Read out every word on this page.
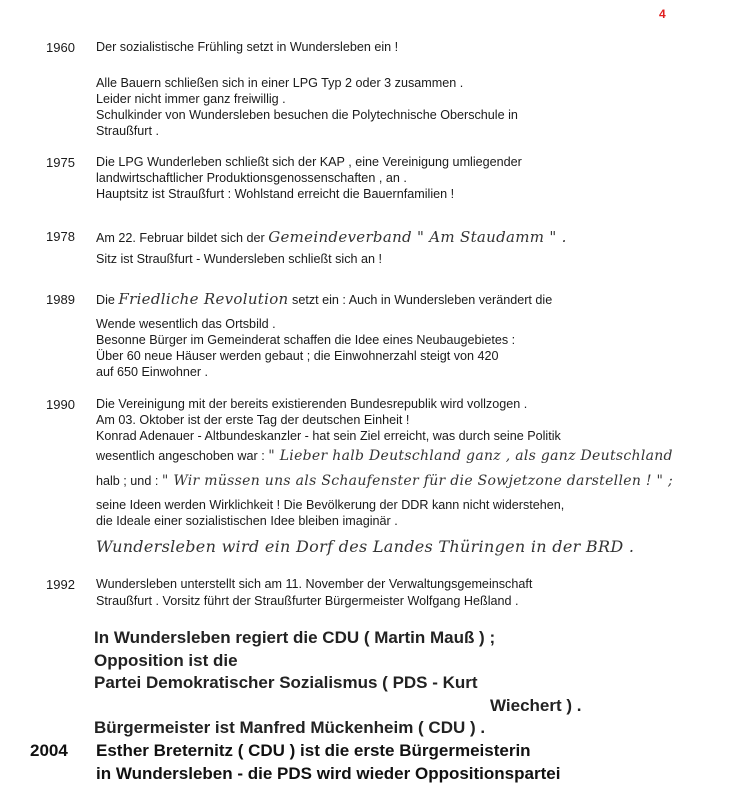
4
1960 Der sozialistische Frühling setzt in Wundersleben ein !
Alle Bauern schließen sich in einer LPG Typ 2 oder 3 zusammen .
Leider nicht immer ganz freiwillig .
Schulkinder von Wundersleben besuchen die Polytechnische Oberschule in
Straußfurt .
1975 Die LPG Wunderleben schließt sich der KAP , eine Vereinigung umliegender
landwirtschaftlicher Produktionsgenossenschaften , an .
Hauptsitz ist Straußfurt : Wohlstand erreicht die Bauernfamilien !
1978 Am 22. Februar bildet sich der Gemeindeverband " Am Staudamm " .
Sitz ist Straußfurt - Wundersleben schließt sich an !
1989 Die Friedliche Revolution setzt ein : Auch in Wundersleben verändert die
Wende wesentlich das Ortsbild .
Besonne Bürger im Gemeinderat schaffen die Idee eines Neubaugebietes :
Über 60 neue Häuser werden gebaut ; die Einwohnerzahl steigt von 420
auf 650 Einwohner .
1990 Die Vereinigung mit der bereits existierenden Bundesrepublik wird vollzogen .
Am 03. Oktober ist der erste Tag der deutschen Einheit !
Konrad Adenauer - Altbundeskanzler - hat sein Ziel erreicht, was durch seine Politik
wesentlich angeschoben war : " Lieber halb Deutschland ganz , als ganz Deutschland
halb ; und : " Wir müssen uns als Schaufenster für die Sowjetzone darstellen ! " ;
seine Ideen werden Wirklichkeit ! Die Bevölkerung der DDR kann nicht widerstehen,
die Ideale einer sozialistischen Idee bleiben imaginär .
Wundersleben wird ein Dorf des Landes Thüringen in der BRD .
1992 Wundersleben unterstellt sich am 11. November der Verwaltungsgemeinschaft
Straußfurt . Vorsitz führt der Straußfurter Bürgermeister Wolfgang Heßland .
In Wundersleben regiert die CDU ( Martin Mauß ) ;
Opposition ist die
Partei Demokratischer Sozialismus ( PDS - Kurt
Wiechert ) .
Bürgermeister ist Manfred Mückenheim ( CDU ) .
2004 Esther Breternitz ( CDU ) ist die erste Bürgermeisterin
in Wundersleben - die PDS wird wieder Oppositionspartei
